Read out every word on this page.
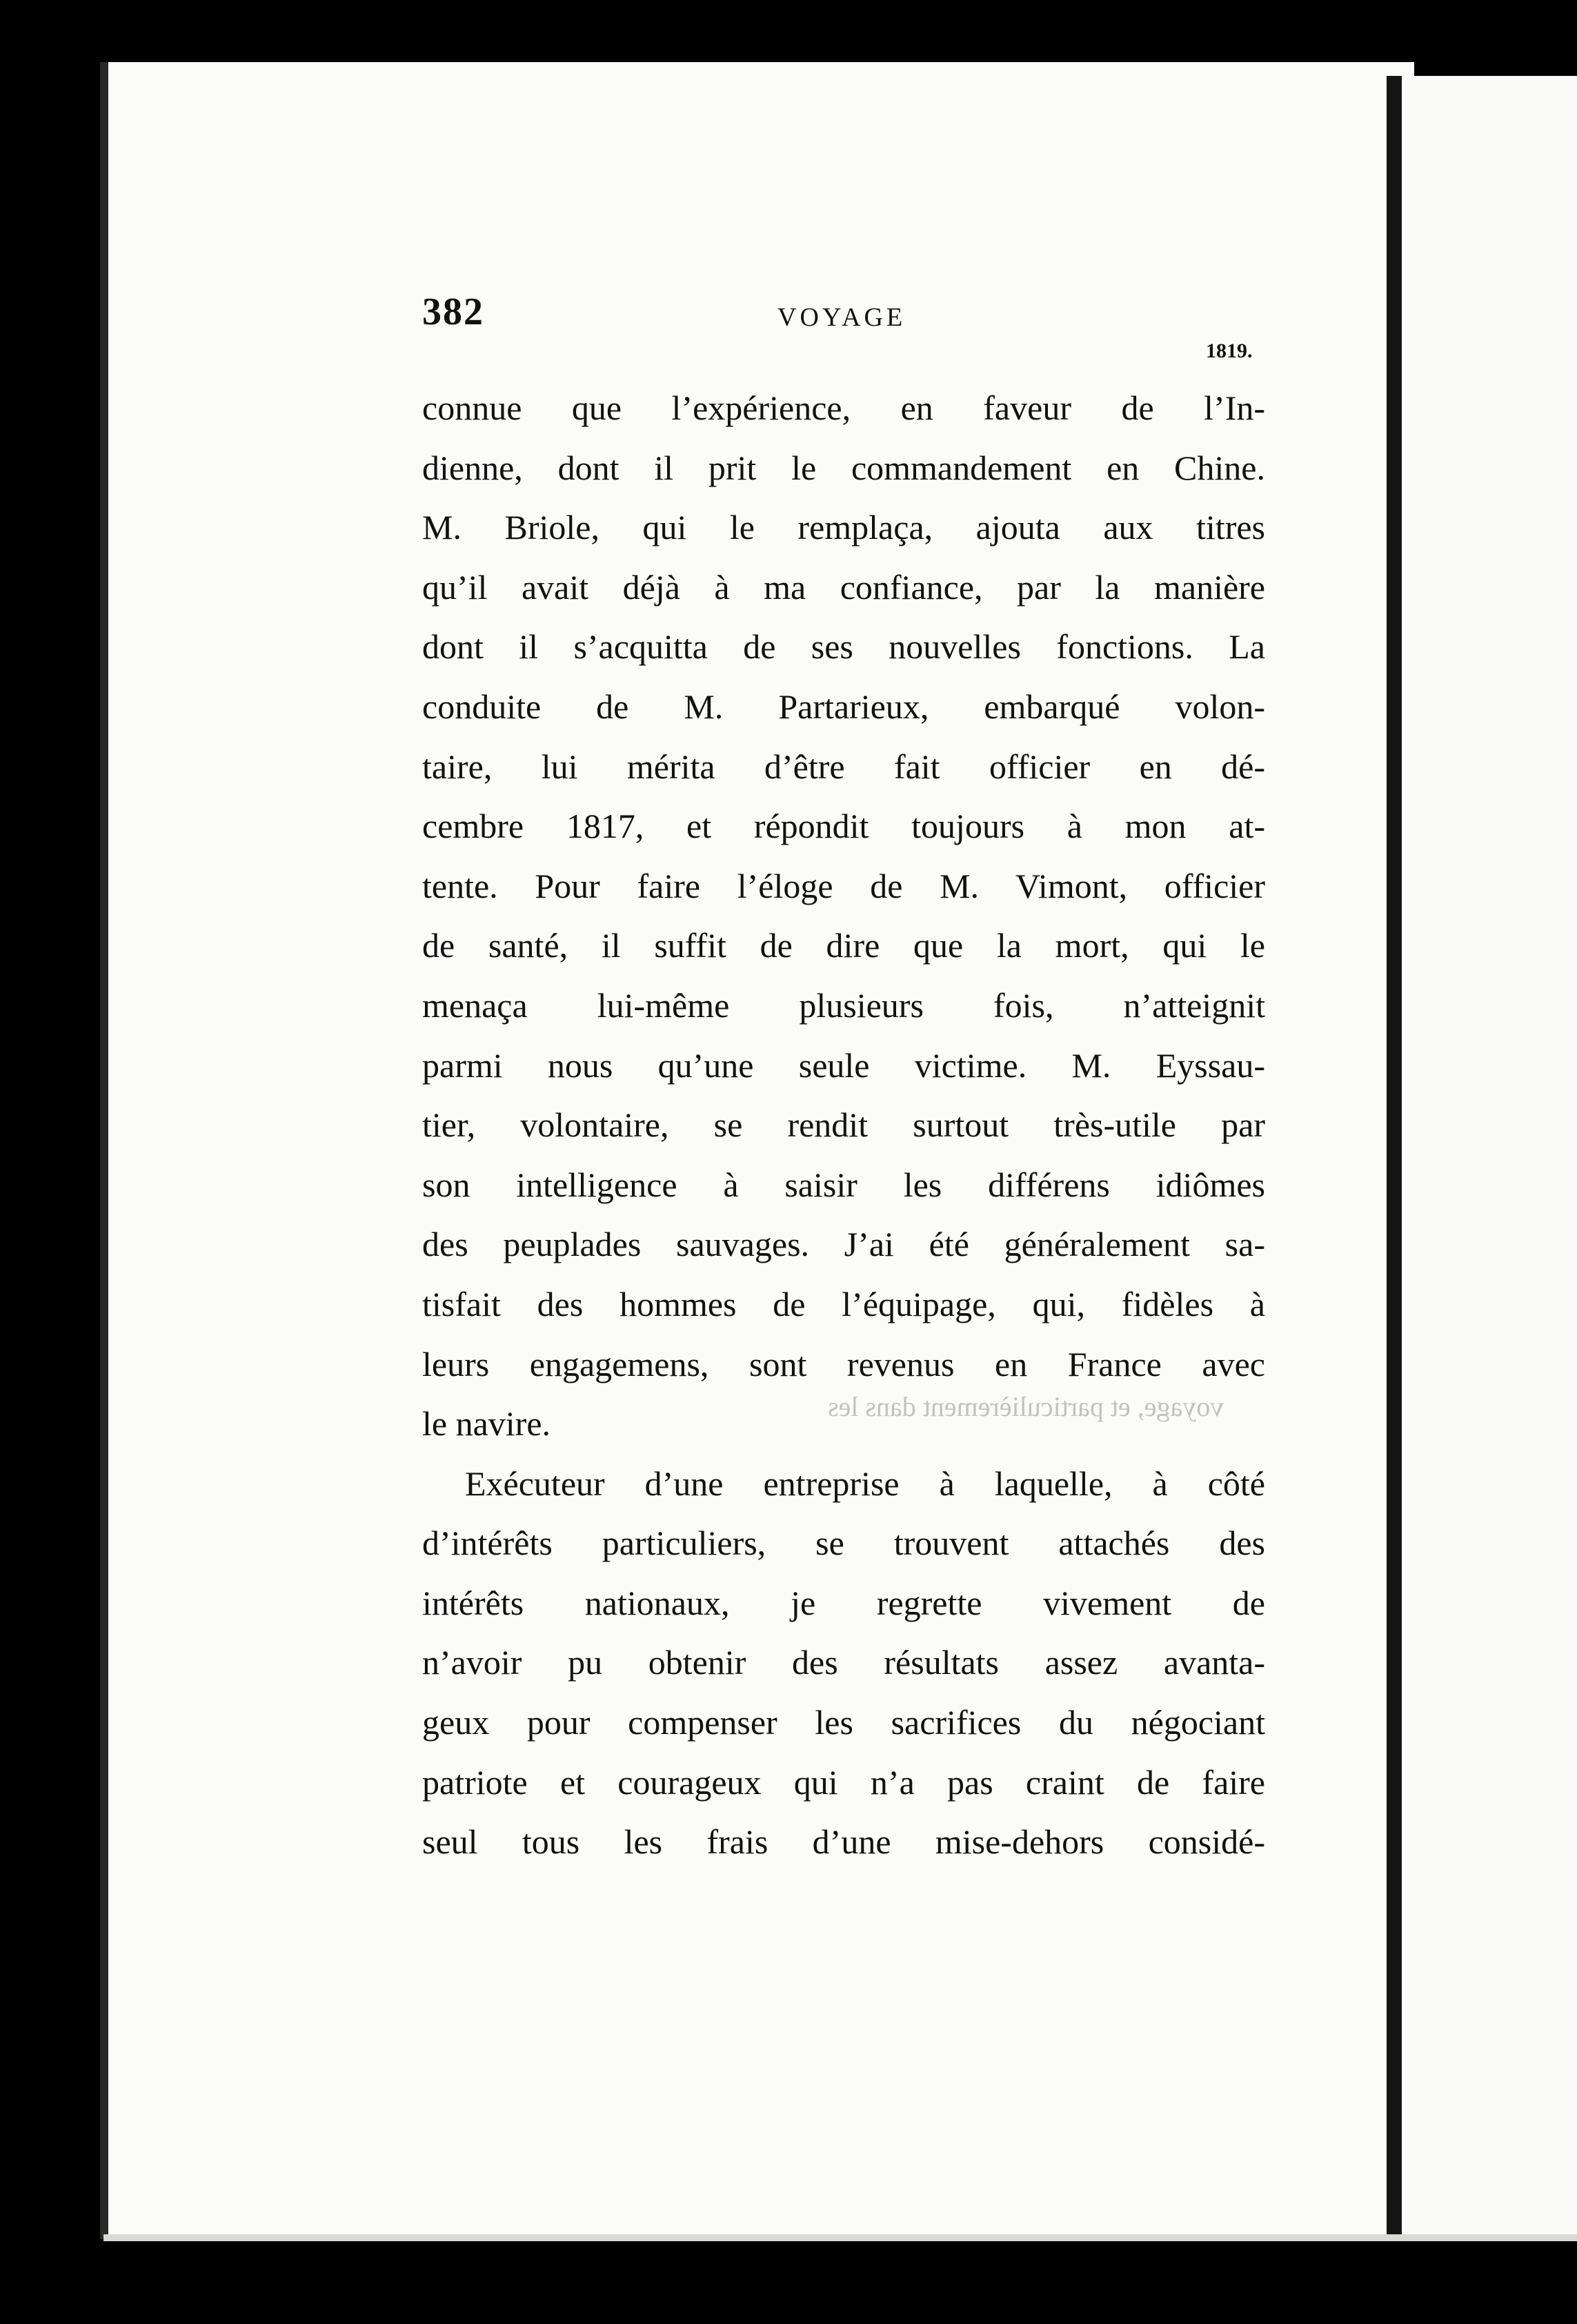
voyage, et particulièrement dans les
382	VOYAGE
1819.
connue que l’expérience, en faveur de l’In-
dienne, dont il prit le commandement en Chine.
M. Briole, qui le remplaça, ajouta aux titres
qu’il avait déjà à ma confiance, par la manière
dont il s’acquitta de ses nouvelles fonctions. La
conduite de M. Partarieux, embarqué volon-
taire, lui mérita d’être fait officier en dé-
cembre 1817, et répondit toujours à mon at-
tente. Pour faire l’éloge de M. Vimont, officier
de santé, il suffit de dire que la mort, qui le
menaça lui-même plusieurs fois, n’atteignit
parmi nous qu’une seule victime. M. Eyssau-
tier, volontaire, se rendit surtout très-utile par
son intelligence à saisir les différens idiômes
des peuplades sauvages. J’ai été généralement sa-
tisfait des hommes de l’équipage, qui, fidèles à
leurs engagemens, sont revenus en France avec
le navire.
Exécuteur d’une entreprise à laquelle, à côté
d’intérêts particuliers, se trouvent attachés des
intérêts nationaux, je regrette vivement de
n’avoir pu obtenir des résultats assez avanta-
geux pour compenser les sacrifices du négociant
patriote et courageux qui n’a pas craint de faire
seul tous les frais d’une mise-dehors considé-
